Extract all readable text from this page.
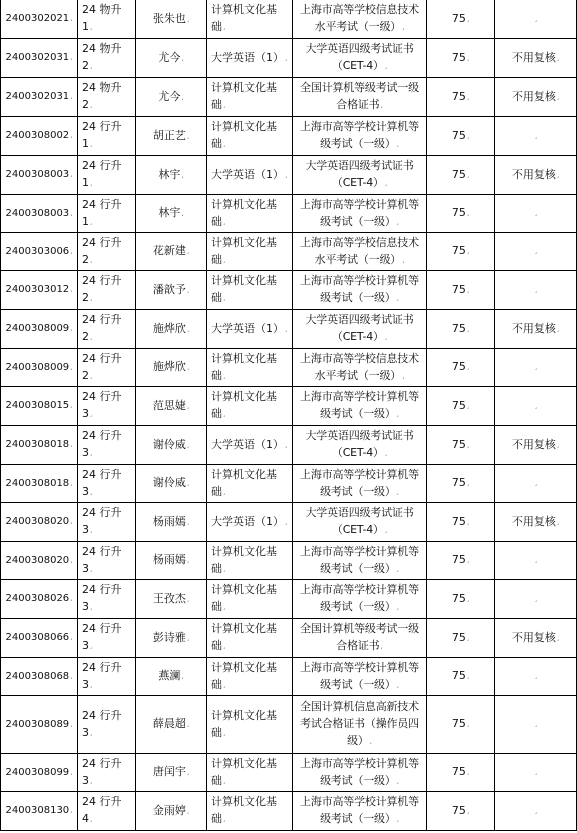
2400302021،	24 物升 1،	张朱也،	计算机文化基础،	上海市高等学校信息技术水平考试（一级）،	75،	،
2400302031،	24 物升 2،	尤今،	大学英语（1）،	大学英语四级考试证书（CET-4）،	75،	不用复核،
2400302031،	24 物升 2،	尤今،	计算机文化基础،	全国计算机等级考试一级合格证书،	75،	不用复核،
2400308002،	24 行升 1،	胡正艺،	计算机文化基础،	上海市高等学校计算机等级考试（一级）،	75،	،
2400308003،	24 行升 1،	林宇،	大学英语（1）،	大学英语四级考试证书（CET-4）،	75،	不用复核،
2400308003،	24 行升 1،	林宇،	计算机文化基础،	上海市高等学校计算机等级考试（一级）،	75،	،
2400303006،	24 行升 2،	花新建،	计算机文化基础،	上海市高等学校信息技术水平考试（一级）،	75،	،
2400303012،	24 行升 2،	潘歆予،	计算机文化基础،	上海市高等学校计算机等级考试（一级）،	75،	،
2400308009،	24 行升 2،	施烨欣،	大学英语（1）،	大学英语四级考试证书（CET-4）،	75،	不用复核،
2400308009،	24 行升 2،	施烨欣،	计算机文化基础،	上海市高等学校信息技术水平考试（一级）،	75،	،
2400308015،	24 行升 3،	范思婕،	计算机文化基础،	上海市高等学校计算机等级考试（一级）،	75،	،
2400308018،	24 行升 3،	谢伶威،	大学英语（1）،	大学英语四级考试证书（CET-4）،	75،	不用复核،
2400308018،	24 行升 3،	谢伶威،	计算机文化基础،	上海市高等学校计算机等级考试（一级）،	75،	،
2400308020،	24 行升 3،	杨雨嫣،	大学英语（1）،	大学英语四级考试证书（CET-4）،	75،	不用复核،
2400308020،	24 行升 3،	杨雨嫣،	计算机文化基础،	上海市高等学校计算机等级考试（一级）،	75،	،
2400308026،	24 行升 3،	王孜杰،	计算机文化基础،	上海市高等学校计算机等级考试（一级）،	75،	،
2400308066،	24 行升 3،	彭诗雅،	计算机文化基础،	全国计算机等级考试一级合格证书،	75،	不用复核،
2400308068،	24 行升 3،	燕澜،	计算机文化基础،	上海市高等学校计算机等级考试（一级）،	75،	،
2400308089،	24 行升 3،	薛晨超،	计算机文化基础،	全国计算机信息高新技术考试合格证书（操作员四级）،	75،	،
2400308099،	24 行升 3،	唐闰宇،	计算机文化基础،	上海市高等学校计算机等级考试（一级）،	75،	،
2400308130،	24 行升 4،	金雨婷،	计算机文化基础،	上海市高等学校计算机等级考试（一级）،	75،	،
